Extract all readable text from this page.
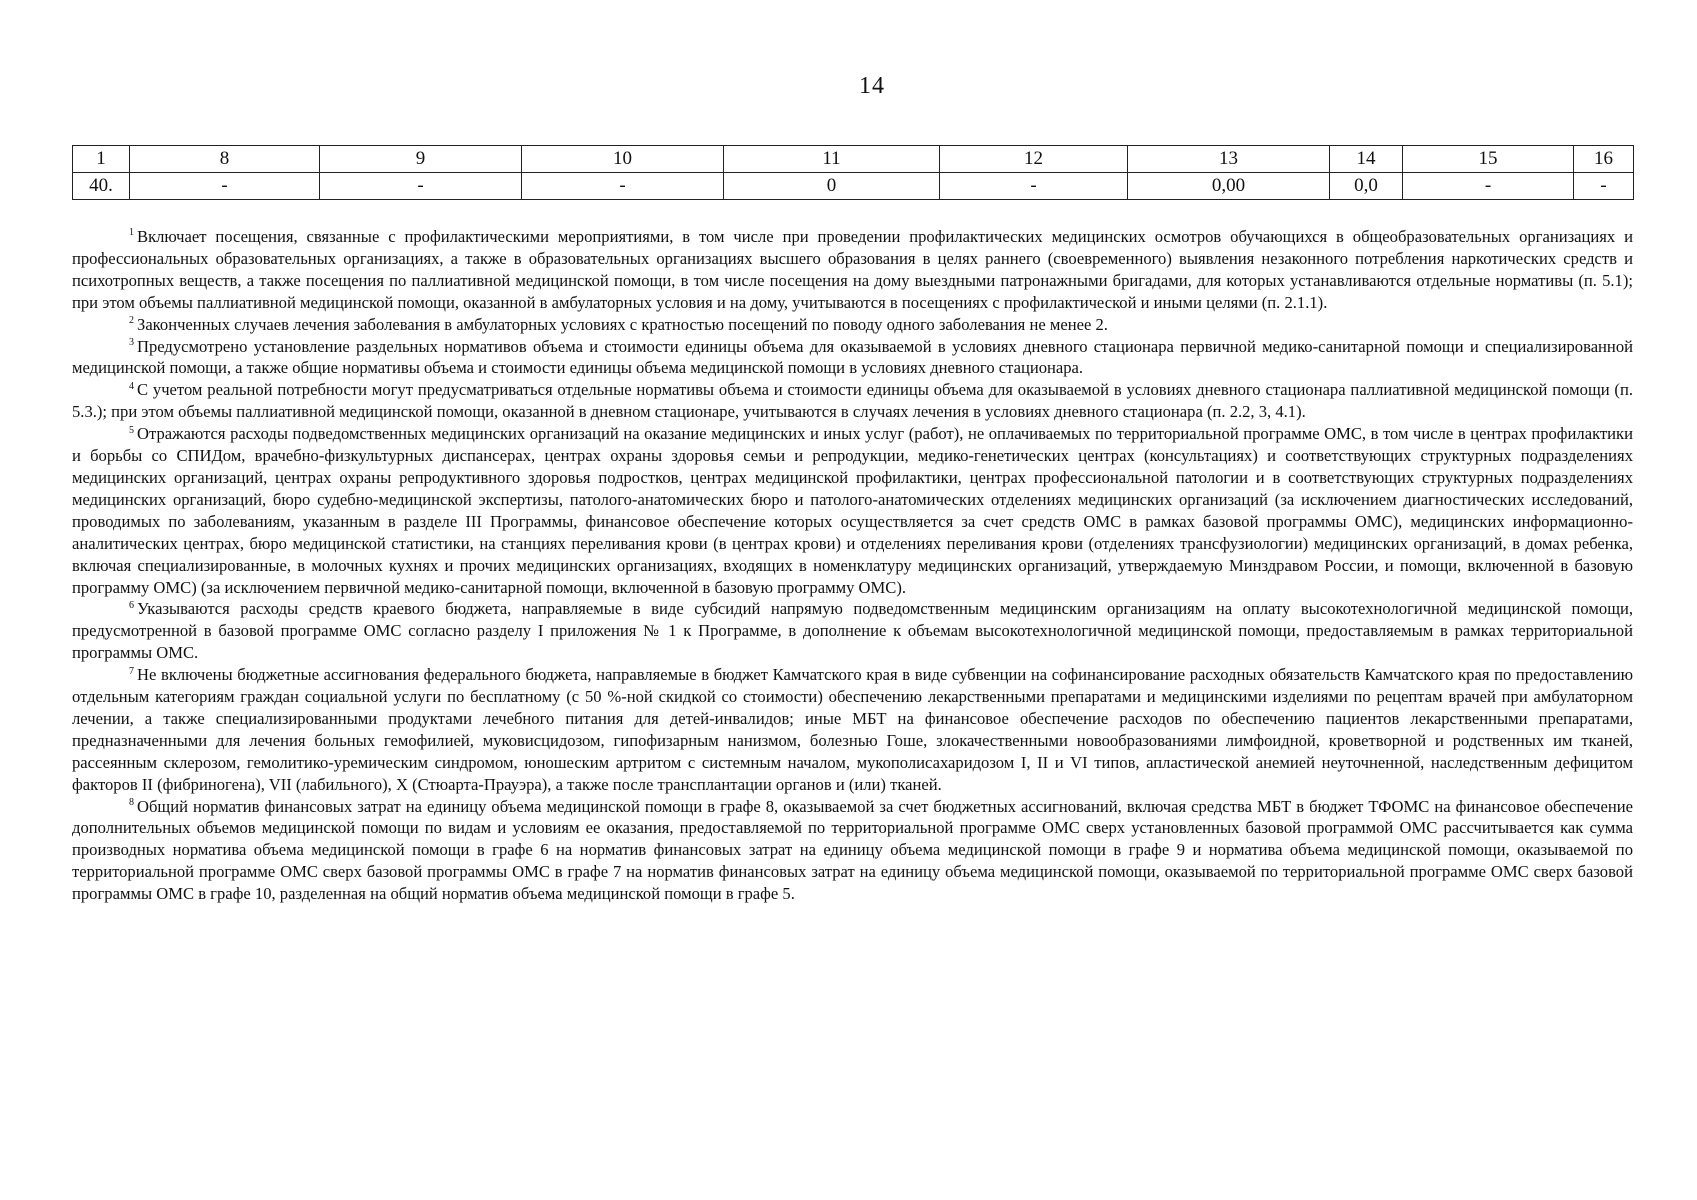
14
1	8	9	10	11	12	13	14	15	16
40.	-	-	-	0	-	0,00	0,0	-	-

$^1$ Включает посещения, связанные с профилактическими мероприятиями, в том числе при проведении профилактических медицинских осмотров обучающихся в общеобразовательных организациях и профессиональных образовательных организациях, а также в образовательных организациях высшего образования в целях раннего (своевременного) выявления незаконного потребления наркотических средств и психотропных веществ, а также посещения по паллиативной медицинской помощи, в том числе посещения на дому выездными патронажными бригадами, для которых устанавливаются отдельные нормативы (п. 5.1); при этом объемы паллиативной медицинской помощи, оказанной в амбулаторных условия и на дому, учитываются в посещениях с профилактической и иными целями (п. 2.1.1).

$^2$ Законченных случаев лечения заболевания в амбулаторных условиях с кратностью посещений по поводу одного заболевания не менее 2.

$^3$ Предусмотрено установление раздельных нормативов объема и стоимости единицы объема для оказываемой в условиях дневного стационара первичной медико-санитарной помощи и специализированной медицинской помощи, а также общие нормативы объема и стоимости единицы объема медицинской помощи в условиях дневного стационара.

$^4$ С учетом реальной потребности могут предусматриваться отдельные нормативы объема и стоимости единицы объема для оказываемой в условиях дневного стационара паллиативной медицинской помощи (п. 5.3.); при этом объемы паллиативной медицинской помощи, оказанной в дневном стационаре, учитываются в случаях лечения в условиях дневного стационара (п. 2.2, 3, 4.1).

$^5$ Отражаются расходы подведомственных медицинских организаций на оказание медицинских и иных услуг (работ), не оплачиваемых по территориальной программе ОМС, в том числе в центрах профилактики и борьбы со СПИДом, врачебно-физкультурных диспансерах, центрах охраны здоровья семьи и репродукции, медико-генетических центрах (консультациях) и соответствующих структурных подразделениях медицинских организаций, центрах охраны репродуктивного здоровья подростков, центрах медицинской профилактики, центрах профессиональной патологии и в соответствующих структурных подразделениях медицинских организаций, бюро судебно-медицинской экспертизы, патолого-анатомических бюро и патолого-анатомических отделениях медицинских организаций (за исключением диагностических исследований, проводимых по заболеваниям, указанным в разделе III Программы, финансовое обеспечение которых осуществляется за счет средств ОМС в рамках базовой программы ОМС), медицинских информационно-аналитических центрах, бюро медицинской статистики, на станциях переливания крови (в центрах крови) и отделениях переливания крови (отделениях трансфузиологии) медицинских организаций, в домах ребенка, включая специализированные, в молочных кухнях и прочих медицинских организациях, входящих в номенклатуру медицинских организаций, утверждаемую Минздравом России, и помощи, включенной в базовую программу ОМС) (за исключением первичной медико-санитарной помощи, включенной в базовую программу ОМС).

$^6$ Указываются расходы средств краевого бюджета, направляемые в виде субсидий напрямую подведомственным медицинским организациям на оплату высокотехнологичной медицинской помощи, предусмотренной в базовой программе ОМС согласно разделу I приложения № 1 к Программе, в дополнение к объемам высокотехнологичной медицинской помощи, предоставляемым в рамках территориальной программы ОМС.

$^7$ Не включены бюджетные ассигнования федерального бюджета, направляемые в бюджет Камчатского края в виде субвенции на софинансирование расходных обязательств Камчатского края по предоставлению отдельным категориям граждан социальной услуги по бесплатному (с 50 %-ной скидкой со стоимости) обеспечению лекарственными препаратами и медицинскими изделиями по рецептам врачей при амбулаторном лечении, а также специализированными продуктами лечебного питания для детей-инвалидов; иные МБТ на финансовое обеспечение расходов по обеспечению пациентов лекарственными препаратами, предназначенными для лечения больных гемофилией, муковисцидозом, гипофизарным нанизмом, болезнью Гоше, злокачественными новообразованиями лимфоидной, кроветворной и родственных им тканей, рассеянным склерозом, гемолитико-уремическим синдромом, юношеским артритом с системным началом, мукополисахаридозом I, II и VI типов, апластической анемией неуточненной, наследственным дефицитом факторов II (фибриногена), VII (лабильного), X (Стюарта-Прауэра), а также после трансплантации органов и (или) тканей.

$^8$ Общий норматив финансовых затрат на единицу объема медицинской помощи в графе 8, оказываемой за счет бюджетных ассигнований, включая средства МБТ в бюджет ТФОМС на финансовое обеспечение дополнительных объемов медицинской помощи по видам и условиям ее оказания, предоставляемой по территориальной программе ОМС сверх установленных базовой программой ОМС рассчитывается как сумма производных норматива объема медицинской помощи в графе 6 на норматив финансовых затрат на единицу объема медицинской помощи в графе 9 и норматива объема медицинской помощи, оказываемой по территориальной программе ОМС сверх базовой программы ОМС в графе 7 на норматив финансовых затрат на единицу объема медицинской помощи, оказываемой по территориальной программе ОМС сверх базовой программы ОМС в графе 10, разделенная на общий норматив объема медицинской помощи в графе 5.
